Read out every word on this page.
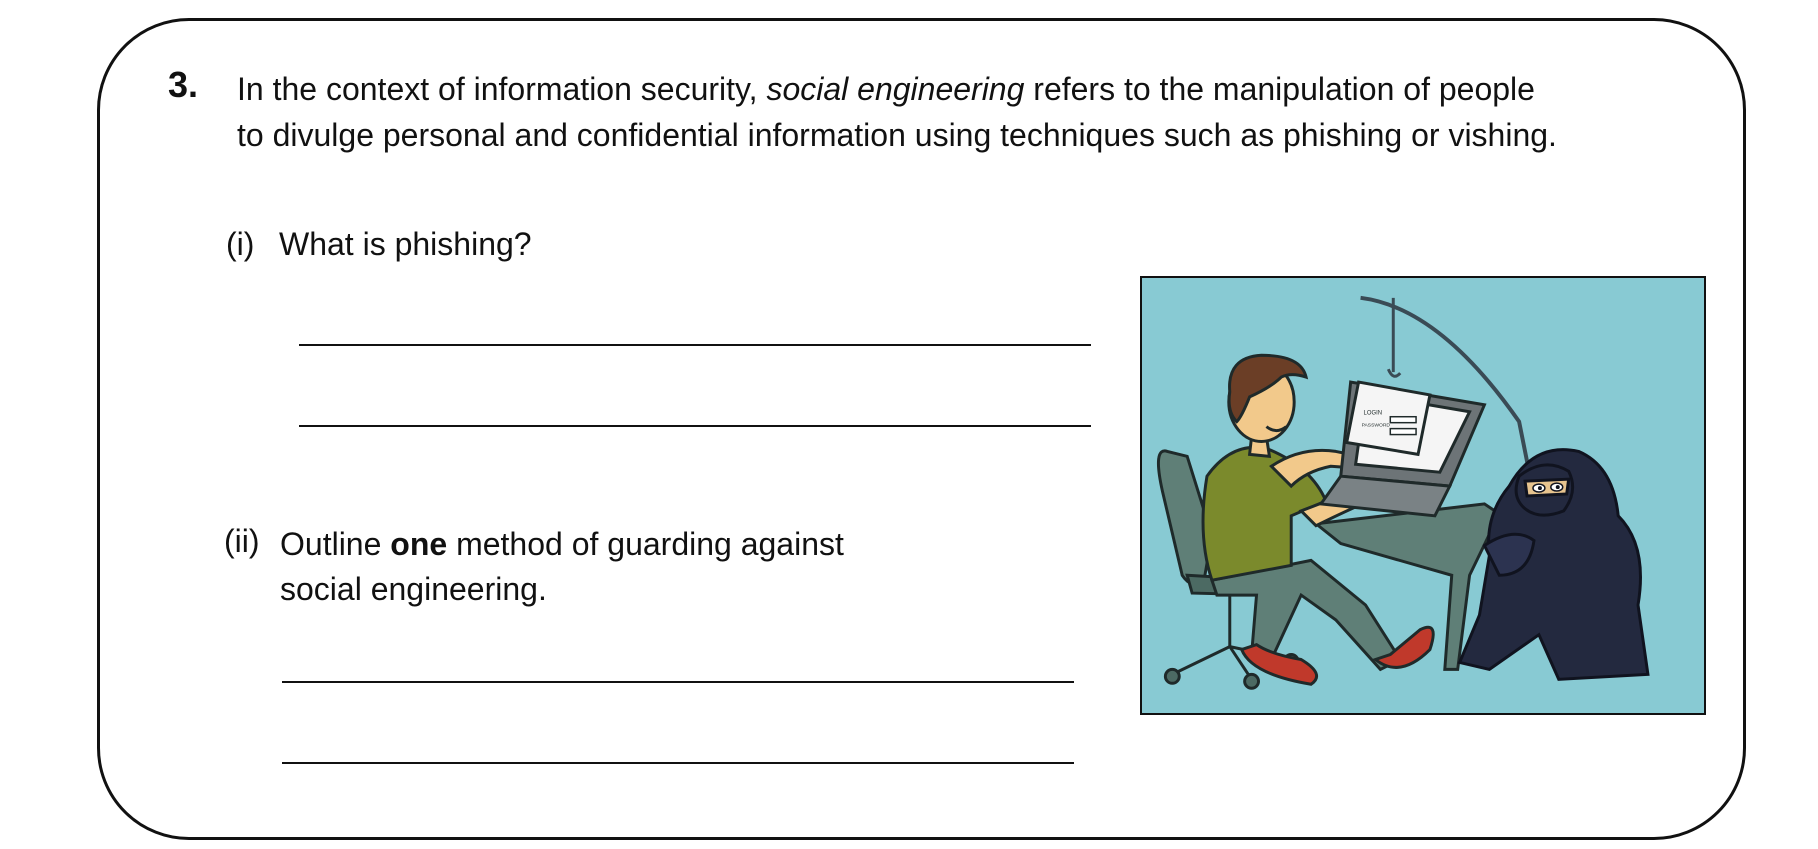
3. In the context of information security, social engineering refers to the manipulation of people
to divulge personal and confidential information using techniques such as phishing or vishing.

(i) What is phishing?

(ii) Outline one method of guarding against
social engineering.

LOGIN
PASSWORD
